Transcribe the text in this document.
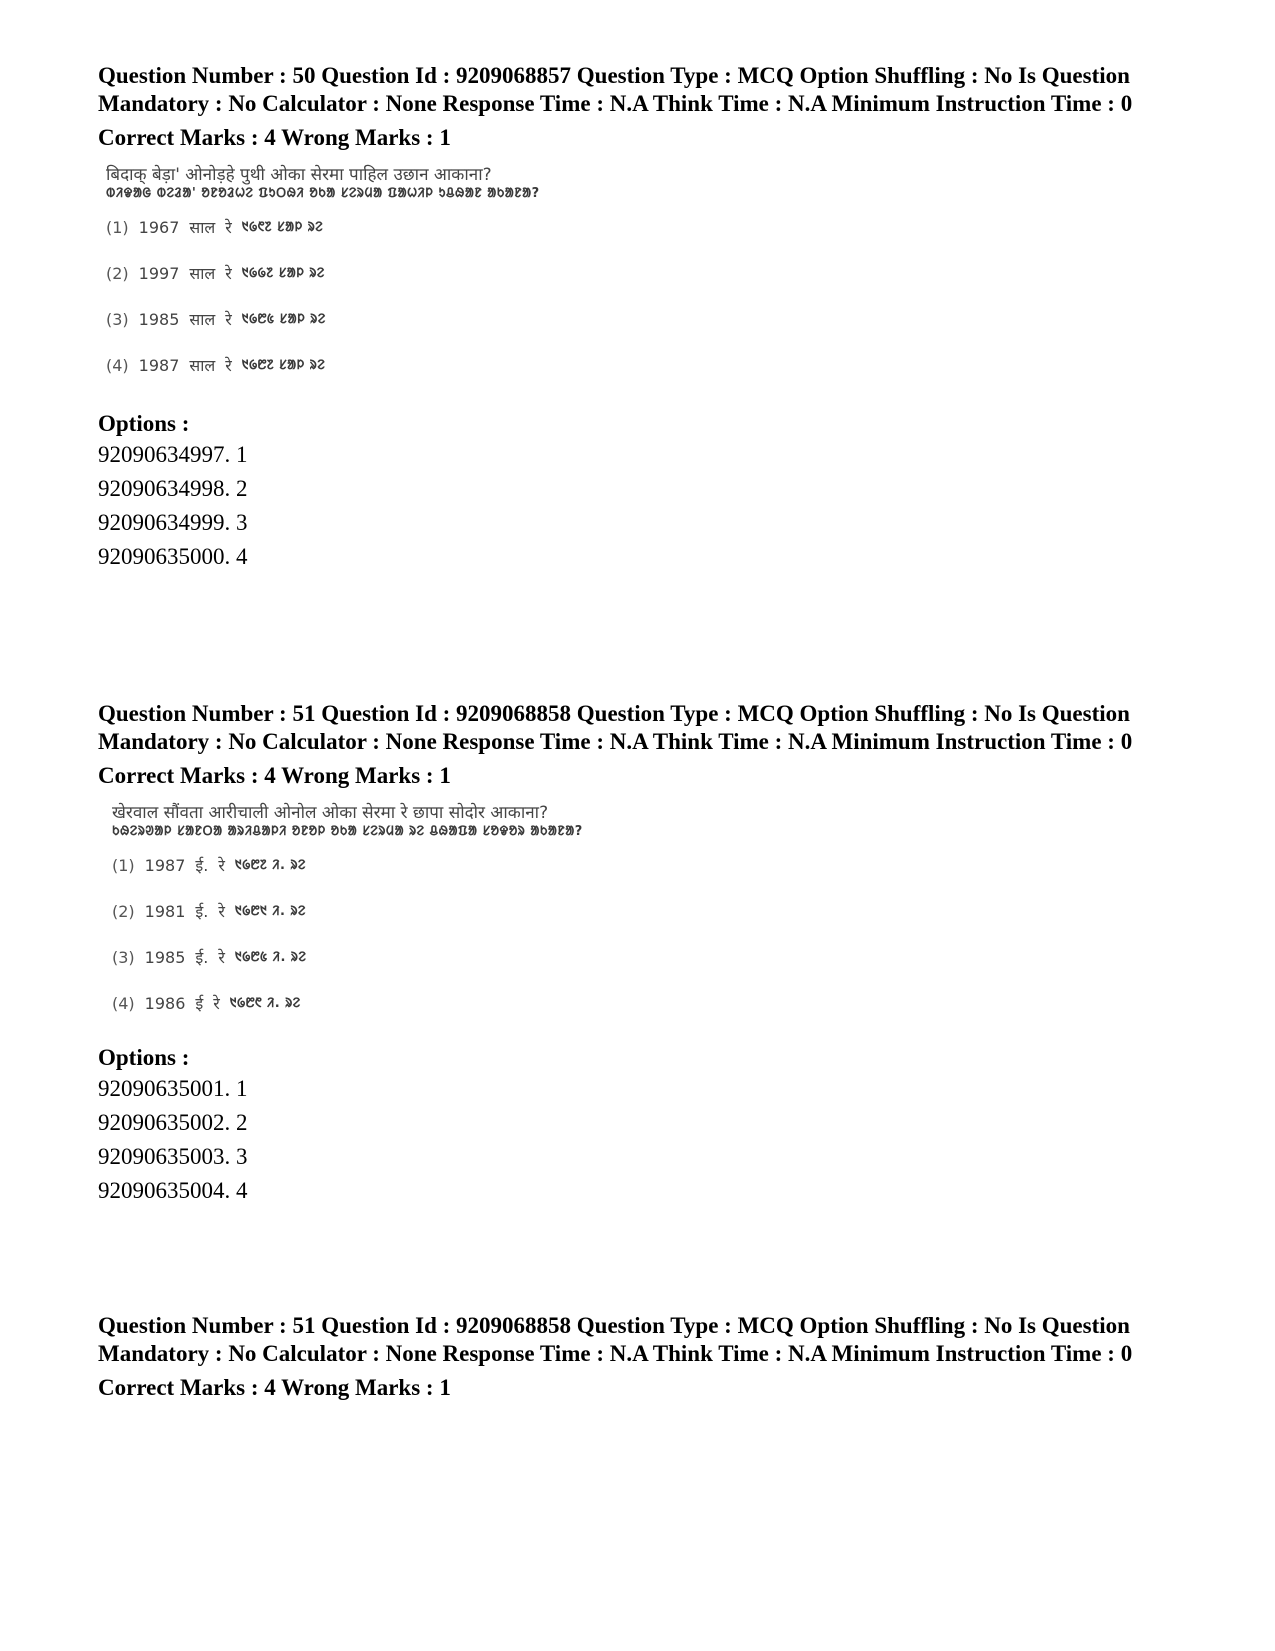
Question Number : 50 Question Id : 9209068857 Question Type : MCQ Option Shuffling : No Is Question Mandatory : No Calculator : None Response Time : N.A Think Time : N.A Minimum Instruction Time : 0

Correct Marks : 4 Wrong Marks : 1
बिदाक् बेड़ा' ओनोड़हे पुथी ओका सेरमा पाहिल उछान आकाना?
ᱵᱤᱫᱟᱜ ᱵᱮᱲᱟ' ᱚᱱᱚᱲᱦᱮ ᱯᱩᱛᱷᱤ ᱚᱠᱟ ᱥᱮᱨᱢᱟ ᱯᱟᱦᱤᱞ ᱩᱪᱷᱟᱱ ᱟᱠᱟᱱᱟ?
(1) 1967 साल रे ᱑᱙᱖᱗ ᱥᱟᱞ ᱨᱮ
(2) 1997 साल रे ᱑᱙᱙᱗ ᱥᱟᱞ ᱨᱮ
(3) 1985 साल रे ᱑᱙᱘᱕ ᱥᱟᱞ ᱨᱮ
(4) 1987 साल रे ᱑᱙᱘᱗ ᱥᱟᱞ ᱨᱮ
Options :
92090634997. 1
92090634998. 2
92090634999. 3
92090635000. 4

Question Number : 51 Question Id : 9209068858 Question Type : MCQ Option Shuffling : No Is Question Mandatory : No Calculator : None Response Time : N.A Think Time : N.A Minimum Instruction Time : 0

Correct Marks : 4 Wrong Marks : 1
खेरवाल सौंवता आरीचाली ओनोल ओका सेरमा रे छापा सोदोर आकाना?
ᱠᱷᱮᱨᱣᱟᱞ ᱥᱟᱱᱛᱟ ᱟᱨᱤᱪᱟᱞᱤ ᱚᱱᱚᱞ ᱚᱠᱟ ᱥᱮᱨᱢᱟ ᱨᱮ ᱪᱷᱟᱯᱟ ᱥᱚᱫᱚᱨ ᱟᱠᱟᱱᱟ?
(1) 1987 ई. रे ᱑᱙᱘᱗ ᱤ. ᱨᱮ
(2) 1981 ई. रे ᱑᱙᱘᱑ ᱤ. ᱨᱮ
(3) 1985 ई. रे ᱑᱙᱘᱕ ᱤ. ᱨᱮ
(4) 1986 ई रे ᱑᱙᱘᱖ ᱤ. ᱨᱮ
Options :
92090635001. 1
92090635002. 2
92090635003. 3
92090635004. 4

Question Number : 51 Question Id : 9209068858 Question Type : MCQ Option Shuffling : No Is Question Mandatory : No Calculator : None Response Time : N.A Think Time : N.A Minimum Instruction Time : 0

Correct Marks : 4 Wrong Marks : 1
